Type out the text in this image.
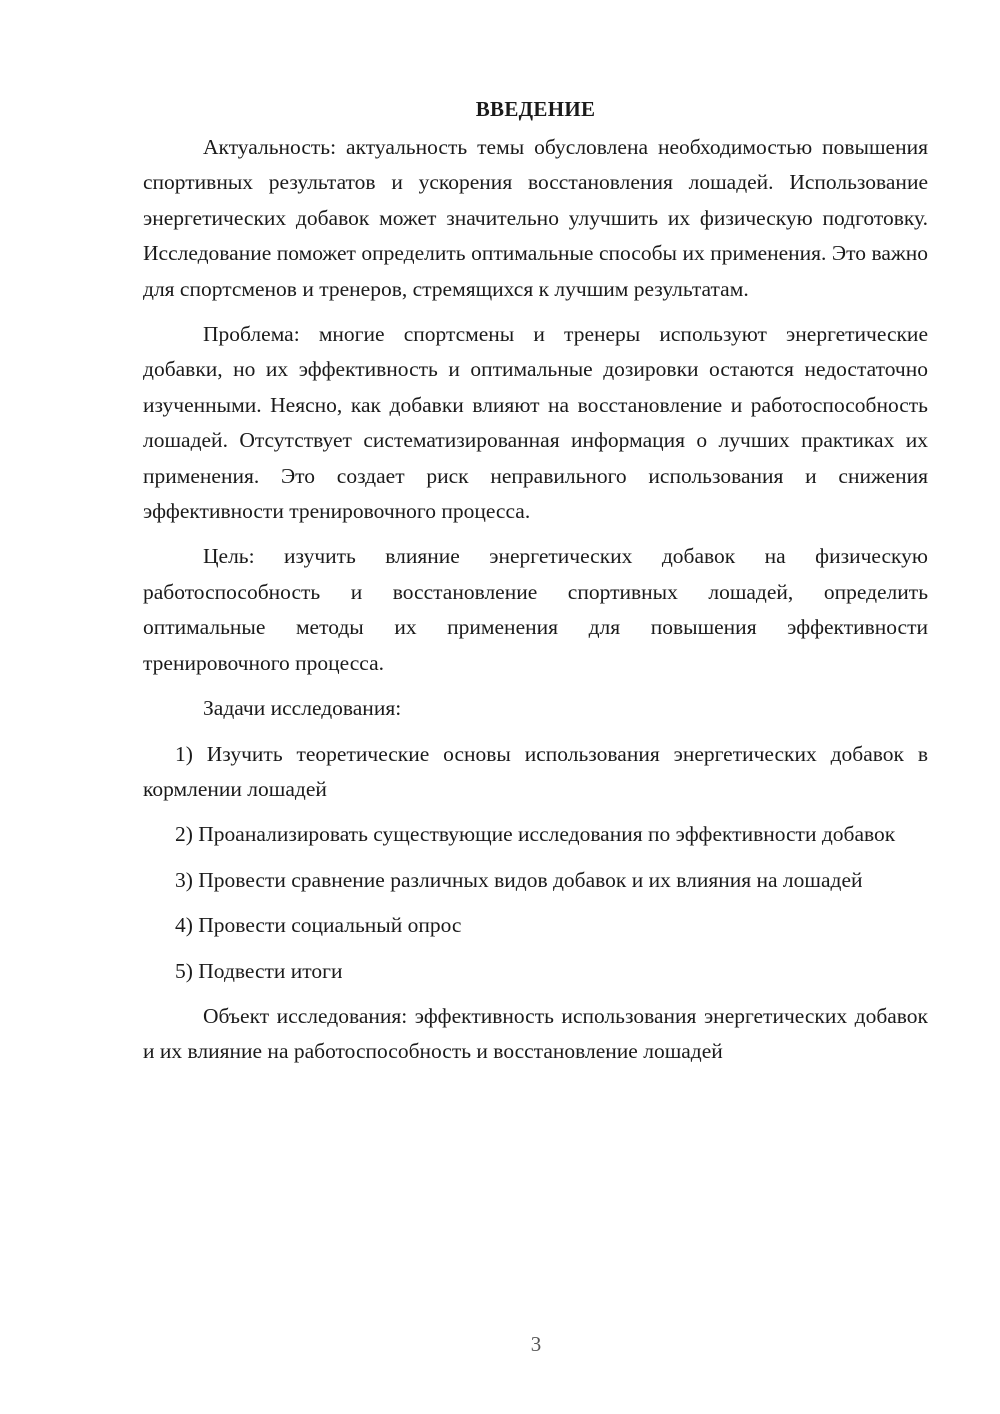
ВВЕДЕНИЕ

Актуальность: актуальность темы обусловлена необходимостью повышения спортивных результатов и ускорения восстановления лошадей. Использование энергетических добавок может значительно улучшить их физическую подготовку. Исследование поможет определить оптимальные способы их применения. Это важно для спортсменов и тренеров, стремящихся к лучшим результатам.

Проблема: многие спортсмены и тренеры используют энергетические добавки, но их эффективность и оптимальные дозировки остаются недостаточно изученными. Неясно, как добавки влияют на восстановление и работоспособность лошадей. Отсутствует систематизированная информация о лучших практиках их применения. Это создает риск неправильного использования и снижения эффективности тренировочного процесса.

Цель: изучить влияние энергетических добавок на физическую работоспособность и восстановление спортивных лошадей, определить оптимальные методы их применения для повышения эффективности тренировочного процесса.

Задачи исследования:

1) Изучить теоретические основы использования энергетических добавок в кормлении лошадей

2) Проанализировать существующие исследования по эффективности добавок

3) Провести сравнение различных видов добавок и их влияния на лошадей

4) Провести социальный опрос

5) Подвести итоги

Объект исследования: эффективность использования энергетических добавок и их влияние на работоспособность и восстановление лошадей

3
